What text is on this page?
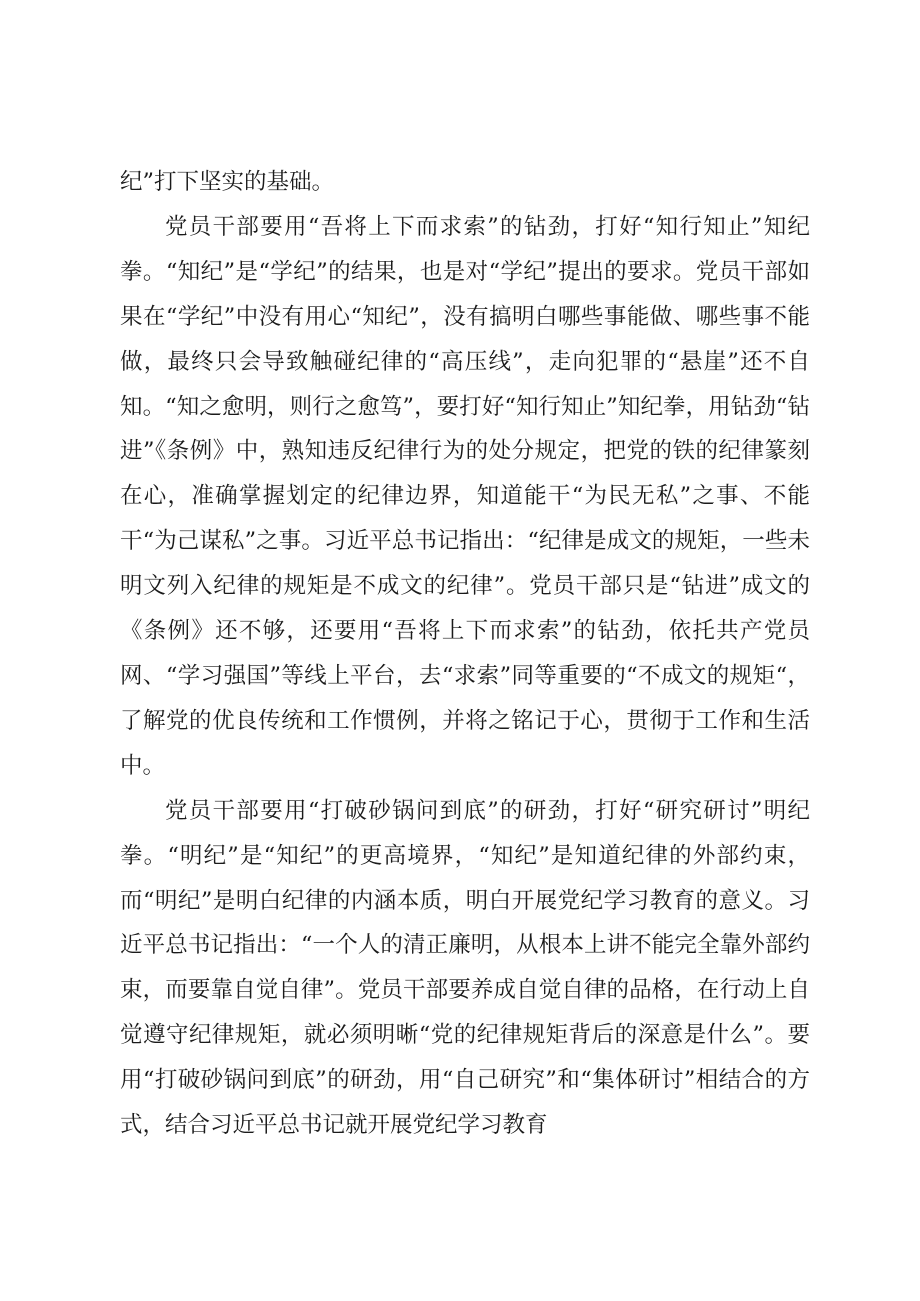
纪”打下坚实的基础。

党员干部要用“吾将上下而求索”的钻劲，打好“知行知止”知纪拳。“知纪”是“学纪”的结果，也是对“学纪”提出的要求。党员干部如果在“学纪”中没有用心“知纪”，没有搞明白哪些事能做、哪些事不能做，最终只会导致触碰纪律的“高压线”，走向犯罪的“悬崖”还不自知。“知之愈明，则行之愈笃”，要打好“知行知止”知纪拳，用钻劲“钻进”《条例》中，熟知违反纪律行为的处分规定，把党的铁的纪律篆刻在心，准确掌握划定的纪律边界，知道能干“为民无私”之事、不能干“为己谋私”之事。习近平总书记指出：“纪律是成文的规矩，一些未明文列入纪律的规矩是不成文的纪律”。党员干部只是“钻进”成文的《条例》还不够，还要用“吾将上下而求索”的钻劲，依托共产党员网、“学习强国”等线上平台，去“求索”同等重要的“不成文的规矩“，了解党的优良传统和工作惯例，并将之铭记于心，贯彻于工作和生活中。

党员干部要用“打破砂锅问到底”的研劲，打好“研究研讨”明纪拳。“明纪”是“知纪”的更高境界，“知纪”是知道纪律的外部约束，而“明纪”是明白纪律的内涵本质，明白开展党纪学习教育的意义。习近平总书记指出：“一个人的清正廉明，从根本上讲不能完全靠外部约束，而要靠自觉自律”。党员干部要养成自觉自律的品格，在行动上自觉遵守纪律规矩，就必须明晰“党的纪律规矩背后的深意是什么”。要用“打破砂锅问到底”的研劲，用“自己研究”和“集体研讨”相结合的方式，结合习近平总书记就开展党纪学习教育
